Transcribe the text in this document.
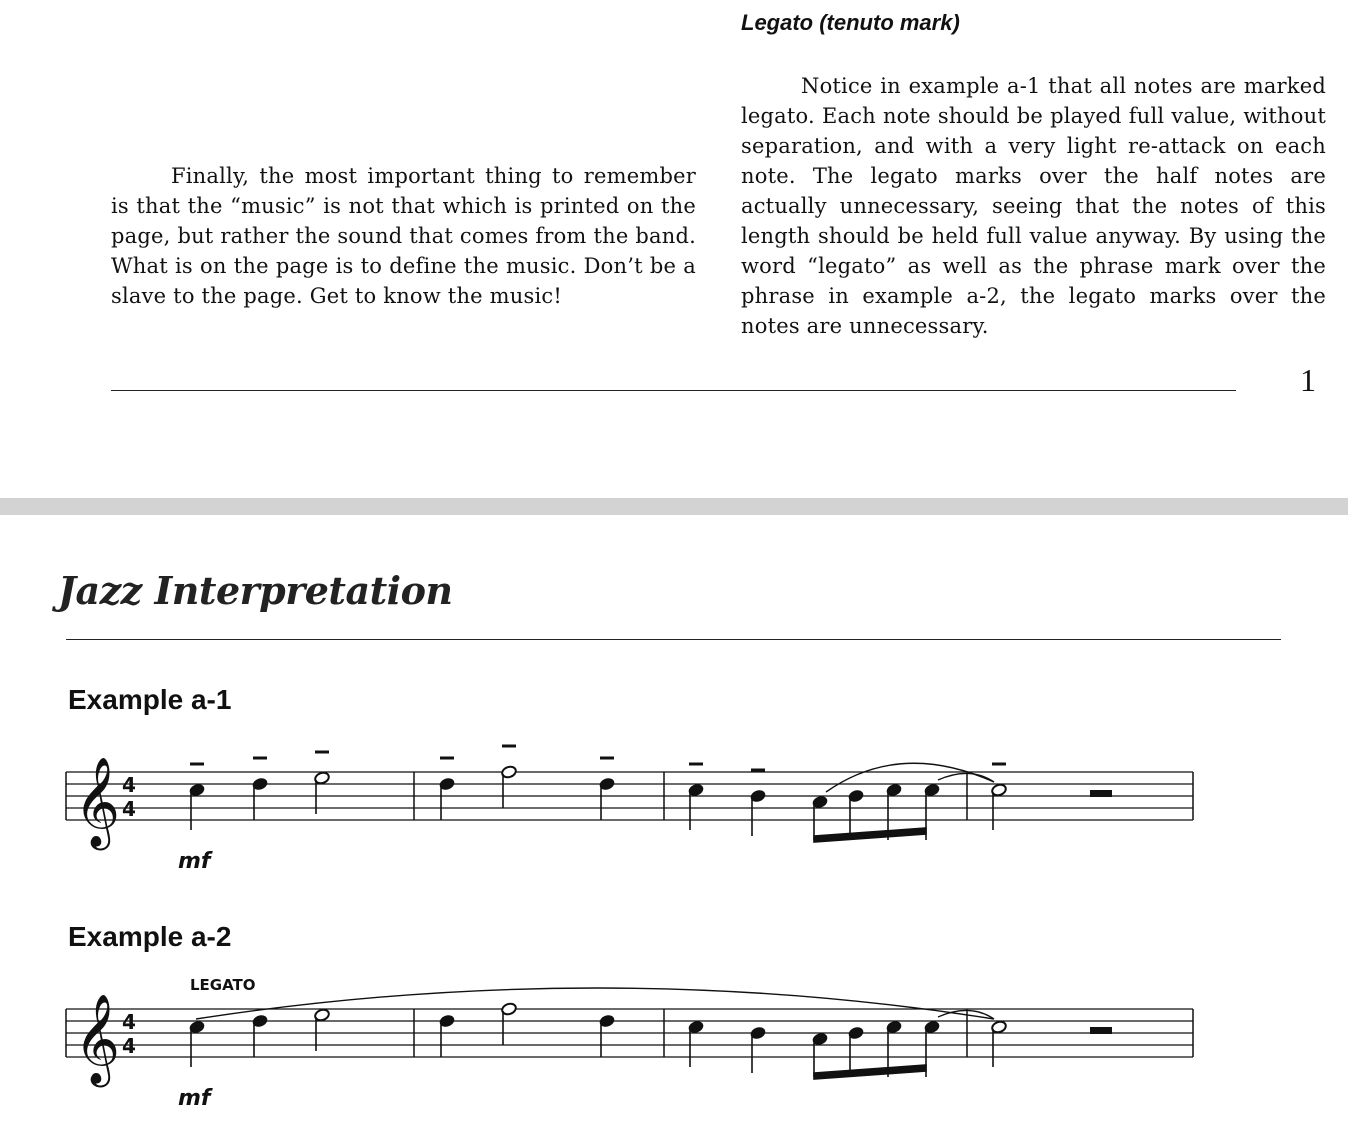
Finally, the most important thing to remember is that the “music” is not that which is printed on the page, but rather the sound that comes from the band. What is on the page is to define the music. Don’t be a slave to the page. Get to know the music!

Legato (tenuto mark)

Notice in example a-1 that all notes are marked legato. Each note should be played full value, without separation, and with a very light re-attack on each note. The legato marks over the half notes are actually unnecessary, seeing that the notes of this length should be held full value anyway. By using the word “legato” as well as the phrase mark over the phrase in example a-2, the legato marks over the notes are unnecessary.

1
Jazz Interpretation
Example a-1
Example a-2
𝄞 4
4
mf
𝄞 4
4
LEGATO
mf
